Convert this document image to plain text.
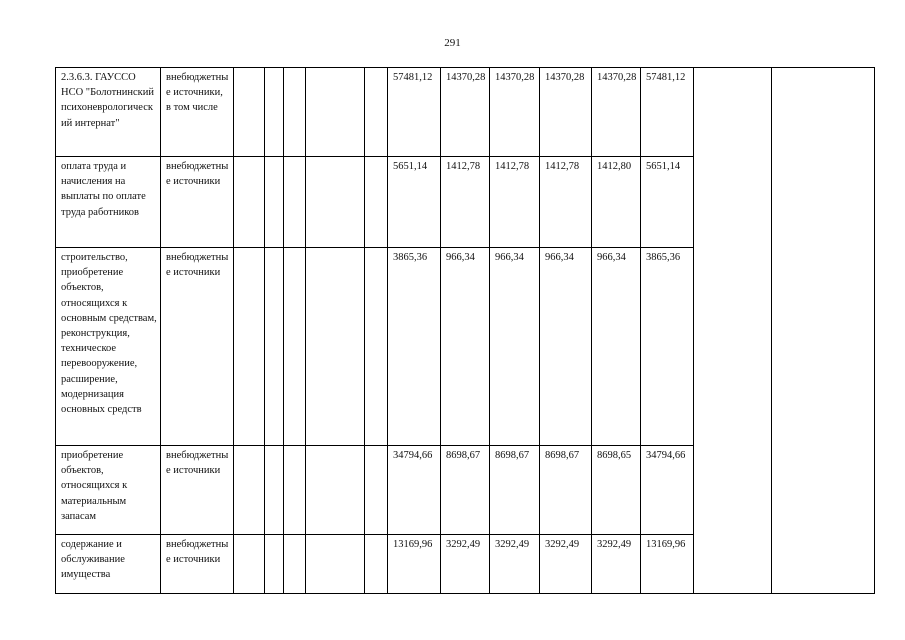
291
2.3.6.3. ГАУССО НСО "Болотнинский психоневрологический интернат"	внебюджетные источники, в том числе						57481,12	14370,28	14370,28	14370,28	14370,28	57481,12		
оплата труда и начисления на выплаты по оплате труда работников	внебюджетные источники						5651,14	1412,78	1412,78	1412,78	1412,80	5651,14		
строительство, приобретение объектов, относящихся к основным средствам, реконструкция, техническое перевооружение, расширение, модернизация основных средств	внебюджетные источники						3865,36	966,34	966,34	966,34	966,34	3865,36		
приобретение объектов, относящихся к материальным запасам	внебюджетные источники						34794,66	8698,67	8698,67	8698,67	8698,65	34794,66		
содержание и обслуживание имущества	внебюджетные источники						13169,96	3292,49	3292,49	3292,49	3292,49	13169,96		
